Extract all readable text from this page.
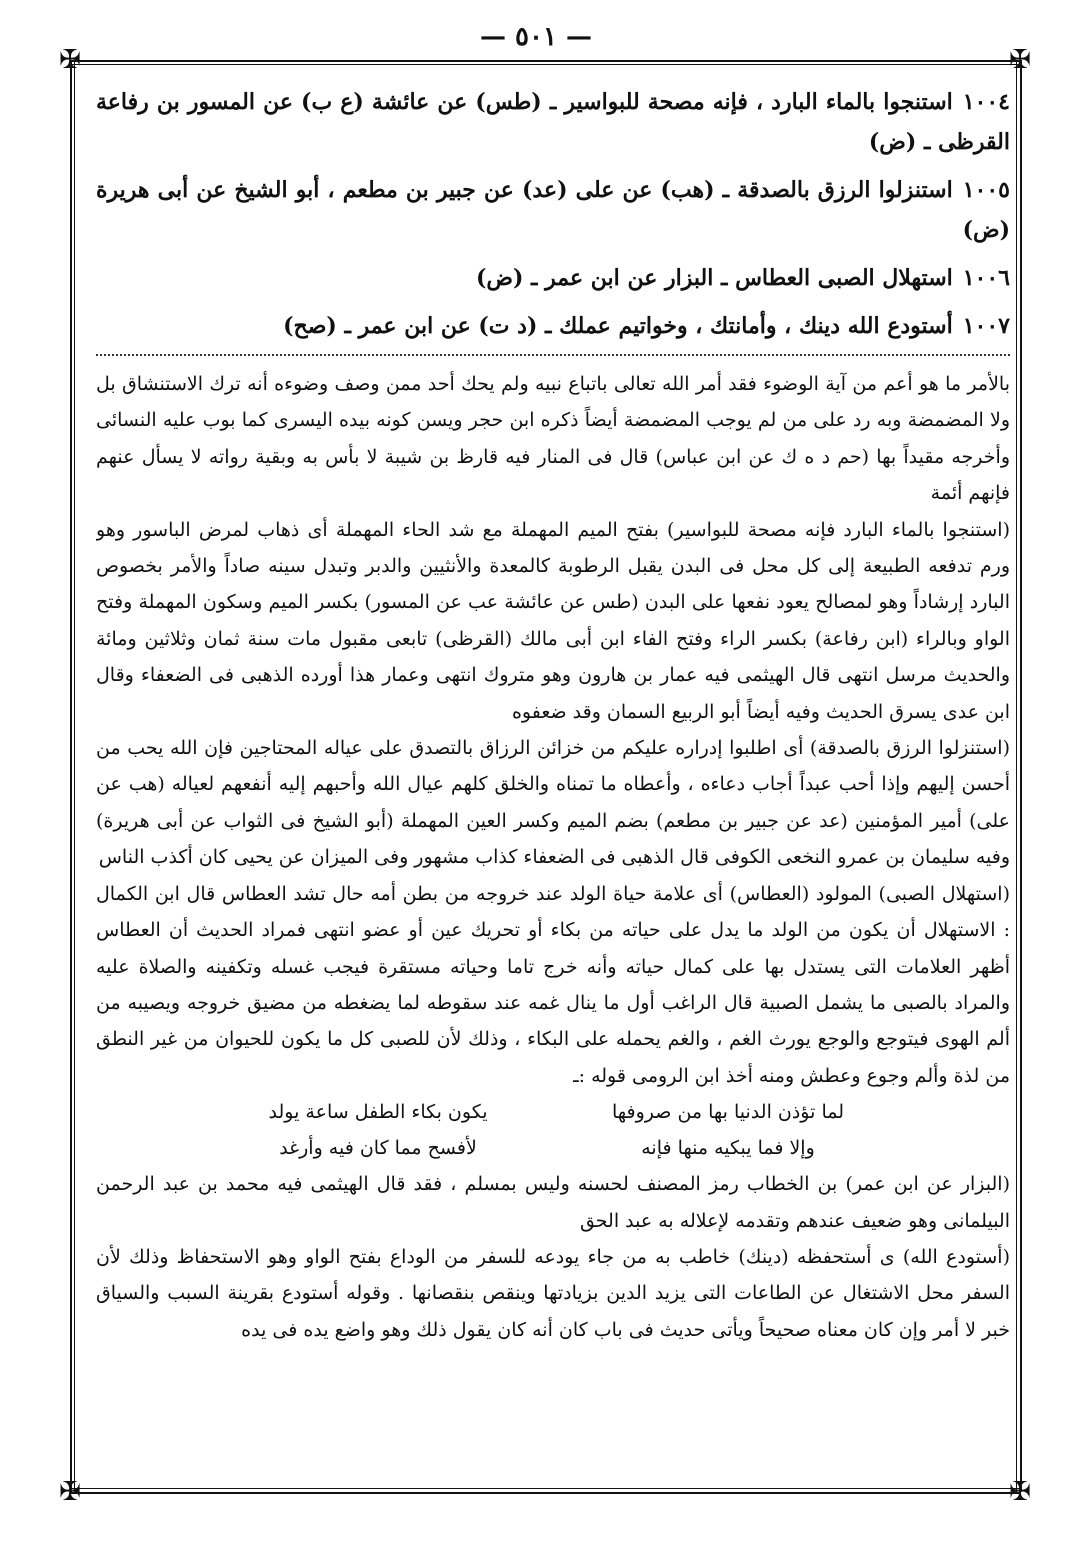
— ٥٠١ —
✠	✠
✠	✠

١٠٠٤استنجوا بالماء البارد ، فإنه مصحة للبواسير ـ (طس) عن عائشة (ع ب) عن المسور بن رفاعة القرظى ـ (ض)

١٠٠٥استنزلوا الرزق بالصدقة ـ (هب) عن على (عد) عن جبير بن مطعم ، أبو الشيخ عن أبى هريرة (ض)

١٠٠٦استهلال الصبى العطاس ـ البزار عن ابن عمر ـ (ض)

١٠٠٧أستودع الله دينك ، وأمانتك ، وخواتيم عملك ـ (د ت) عن ابن عمر ـ (صح)

بالأمر ما هو أعم من آية الوضوء فقد أمر الله تعالى باتباع نبيه ولم يحك أحد ممن وصف وضوءه أنه ترك الاستنشاق بل ولا المضمضة وبه رد على من لم يوجب المضمضة أيضاً ذكره ابن حجر ويسن كونه بيده اليسرى كما بوب عليه النسائى وأخرجه مقيداً بها (حم د ه ك عن ابن عباس) قال فى المنار فيه قارظ بن شيبة لا بأس به وبقية رواته لا يسأل عنهم فإنهم أئمة

(استنجوا بالماء البارد فإنه مصحة للبواسير) بفتح الميم المهملة مع شد الحاء المهملة أى ذهاب لمرض الباسور وهو ورم تدفعه الطبيعة إلى كل محل فى البدن يقبل الرطوبة كالمعدة والأنثيين والدبر وتبدل سينه صاداً والأمر بخصوص البارد إرشاداً وهو لمصالح يعود نفعها على البدن (طس عن عائشة عب عن المسور) بكسر الميم وسكون المهملة وفتح الواو وبالراء (ابن رفاعة) بكسر الراء وفتح الفاء ابن أبى مالك (القرظى) تابعى مقبول مات سنة ثمان وثلاثين ومائة والحديث مرسل انتهى قال الهيثمى فيه عمار بن هارون وهو متروك انتهى وعمار هذا أورده الذهبى فى الضعفاء وقال ابن عدى يسرق الحديث وفيه أيضاً أبو الربيع السمان وقد ضعفوه

(استنزلوا الرزق بالصدقة) أى اطلبوا إدراره عليكم من خزائن الرزاق بالتصدق على عياله المحتاجين فإن الله يحب من أحسن إليهم وإذا أحب عبداً أجاب دعاءه ، وأعطاه ما تمناه والخلق كلهم عيال الله وأحبهم إليه أنفعهم لعياله (هب عن على) أمير المؤمنين (عد عن جبير بن مطعم) بضم الميم وكسر العين المهملة (أبو الشيخ فى الثواب عن أبى هريرة) وفيه سليمان بن عمرو النخعى الكوفى قال الذهبى فى الضعفاء كذاب مشهور وفى الميزان عن يحيى كان أكذب الناس

(استهلال الصبى) المولود (العطاس) أى علامة حياة الولد عند خروجه من بطن أمه حال تشد العطاس قال ابن الكمال : الاستهلال أن يكون من الولد ما يدل على حياته من بكاء أو تحريك عين أو عضو انتهى فمراد الحديث أن العطاس أظهر العلامات التى يستدل بها على كمال حياته وأنه خرج تاما وحياته مستقرة فيجب غسله وتكفينه والصلاة عليه والمراد بالصبى ما يشمل الصبية قال الراغب أول ما ينال غمه عند سقوطه لما يضغطه من مضيق خروجه ويصيبه من ألم الهوى فيتوجع والوجع يورث الغم ، والغم يحمله على البكاء ، وذلك لأن للصبى كل ما يكون للحيوان من غير النطق من لذة وألم وجوع وعطش ومنه أخذ ابن الرومى قوله :ـ

لما تؤذن الدنيا بها من صروفها
يكون بكاء الطفل ساعة يولد
وإلا فما يبكيه منها فإنه
لأفسح مما كان فيه وأرغد

(البزار عن ابن عمر) بن الخطاب رمز المصنف لحسنه وليس بمسلم ، فقد قال الهيثمى فيه محمد بن عبد الرحمن البيلمانى وهو ضعيف عندهم وتقدمه لإعلاله به عبد الحق

(أستودع الله) ى أستحفظه (دينك) خاطب به من جاء يودعه للسفر من الوداع بفتح الواو وهو الاستحفاظ وذلك لأن السفر محل الاشتغال عن الطاعات التى يزيد الدين بزيادتها وينقص بنقصانها . وقوله أستودع بقرينة السبب والسياق خبر لا أمر وإن كان معناه صحيحاً ويأتى حديث فى باب كان أنه كان يقول ذلك وهو واضع يده فى يده
